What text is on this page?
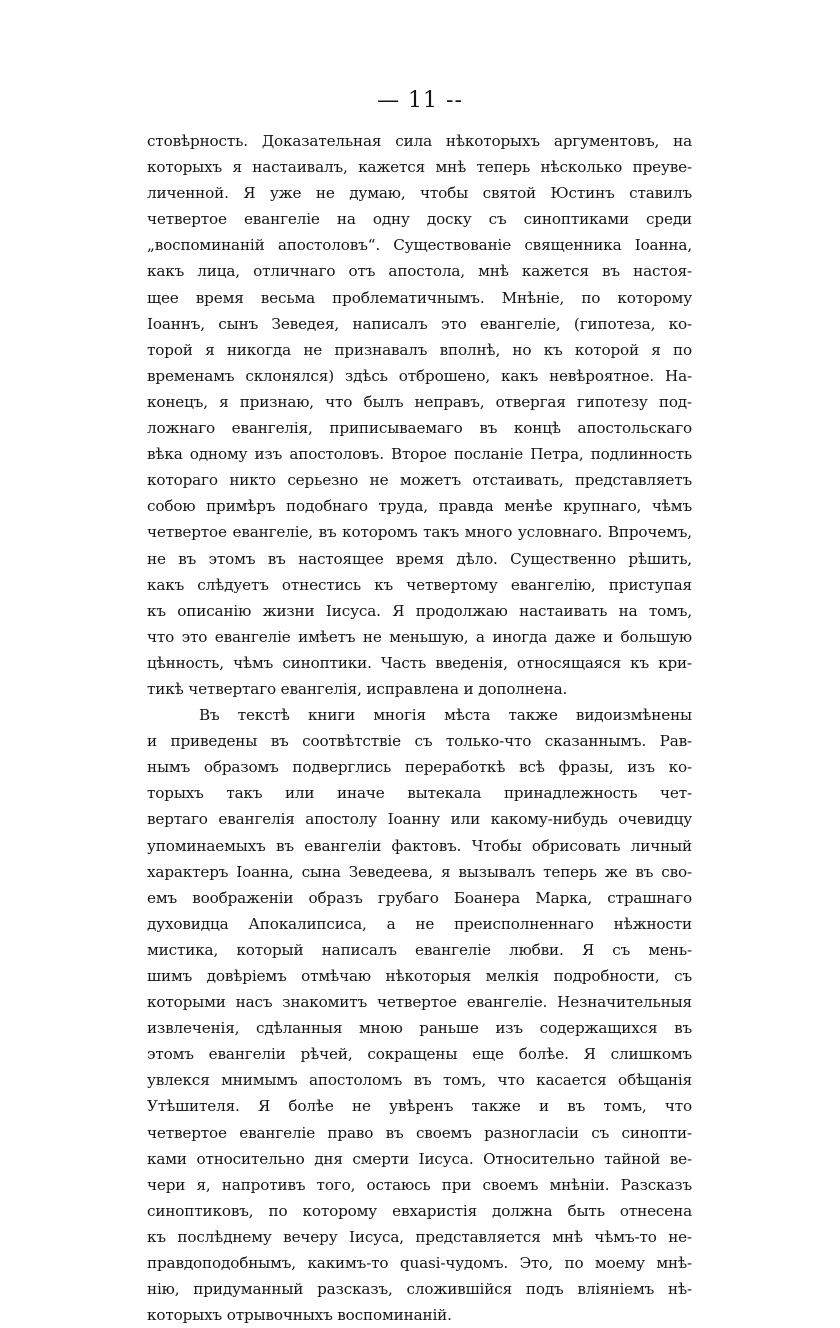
— 11 --

стовѣрность. Доказательная сила нѣкоторыхъ аргументовъ, на
которыхъ я настаивалъ, кажется мнѣ теперь нѣсколько преуве-
личенной. Я уже не думаю, чтобы святой Юстинъ ставилъ
четвертое евангеліе на одну доску съ синоптиками среди
„воспоминаній апостоловъ“. Существованіе священника Іоанна,
какъ лица, отличнаго отъ апостола, мнѣ кажется въ настоя-
щее время весьма проблематичнымъ. Мнѣніе, по которому
Іоаннъ, сынъ Зеведея, написалъ это евангеліе, (гипотеза, ко-
торой я никогда не признавалъ вполнѣ, но къ которой я по
временамъ склонялся) здѣсь отброшено, какъ невѣроятное. На-
конецъ, я признаю, что былъ неправъ, отвергая гипотезу под-
ложнаго евангелія, приписываемаго въ концѣ апостольскаго
вѣка одному изъ апостоловъ. Второе посланіе Петра, подлинность
котораго никто серьезно не можетъ отстаивать, представляетъ
собою примѣръ подобнаго труда, правда менѣе крупнаго, чѣмъ
четвертое евангеліе, въ которомъ такъ много условнаго. Впрочемъ,
не въ этомъ въ настоящее время дѣло. Существенно рѣшить,
какъ слѣдуетъ отнестись къ четвертому евангелію, приступая
къ описанію жизни Іисуса. Я продолжаю настаивать на томъ,
что это евангеліе имѣетъ не меньшую, а иногда даже и большую
цѣнность, чѣмъ синоптики. Часть введенія, относящаяся къ кри-
тикѣ четвертаго евангелія, исправлена и дополнена.
Въ текстѣ книги многія мѣста также видоизмѣнены
и приведены въ соотвѣтствіе съ только-что сказаннымъ. Рав-
нымъ образомъ подверглись переработкѣ всѣ фразы, изъ ко-
торыхъ такъ или иначе вытекала принадлежность чет-
вертаго евангелія апостолу Іоанну или какому-нибудь очевидцу
упоминаемыхъ въ евангеліи фактовъ. Чтобы обрисовать личный
характеръ Іоанна, сына Зеведеева, я вызывалъ теперь же въ сво-
емъ воображеніи образъ грубаго Боанера Марка, страшнаго
духовидца Апокалипсиса, а не преисполненнаго нѣжности
мистика, который написалъ евангеліе любви. Я съ мень-
шимъ довѣріемъ отмѣчаю нѣкоторыя мелкія подробности, съ
которыми насъ знакомитъ четвертое евангеліе. Незначительныя
извлеченія, сдѣланныя мною раньше изъ содержащихся въ
этомъ евангеліи рѣчей, сокращены еще болѣе. Я слишкомъ
увлекся мнимымъ апостоломъ въ томъ, что касается обѣщанія
Утѣшителя. Я болѣе не увѣренъ также и въ томъ, что
четвертое евангеліе право въ своемъ разногласіи съ синопти-
ками относительно дня смерти Іисуса. Относительно тайной ве-
чери я, напротивъ того, остаюсь при своемъ мнѣніи. Разсказъ
синоптиковъ, по которому евхаристія должна быть отнесена
къ послѣднему вечеру Іисуса, представляется мнѣ чѣмъ-то не-
правдоподобнымъ, какимъ-то quasi-чудомъ. Это, по моему мнѣ-
нію, придуманный разсказъ, сложившійся подъ вліяніемъ нѣ-
которыхъ отрывочныхъ воспоминаній.
